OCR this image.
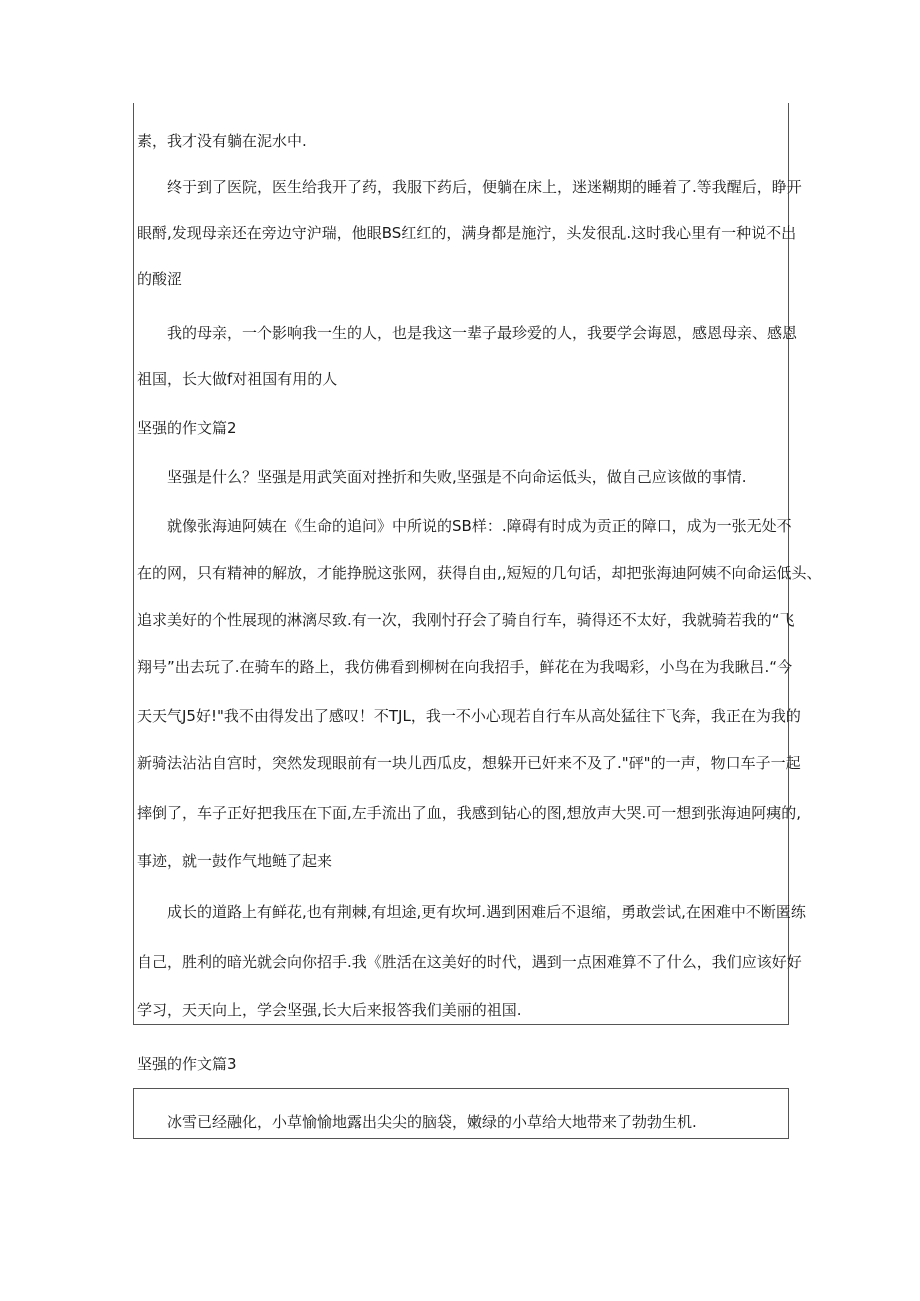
素，我才没有躺在泥水中.

终于到了医院，医生给我开了药，我服下药后，便躺在床上，迷迷糊期的睡着了.等我醒后，睁开

眼酹,发现母亲还在旁边守沪瑞，他眼BS红红的，满身都是施泞，头发很乱.这时我心里有一种说不出

的酸涩

我的母亲，一个影响我一生的人，也是我这一辈子最珍爱的人，我要学会诲恩，感恩母亲、感恩

祖国，长大做f对祖国有用的人

坚强的作文篇2

坚强是什么？坚强是用武笑面对挫折和失败,坚强是不向命运低头，做自己应该做的事情.

就像张海迪阿姨在《生命的追问》中所说的SB样：.障碍有时成为贡正的障口，成为一张无处不

在的网，只有精神的解放，才能挣脱这张网，获得自由,,短短的几句话，却把张海迪阿姨不向命运低头、

追求美好的个性展现的淋漓尽致.有一次，我刚忖孖会了骑自行车，骑得还不太好，我就骑若我的“飞

翔号”出去玩了.在骑车的路上，我仿佛看到柳树在向我招手，鲜花在为我喝彩，小鸟在为我瞅吕.“今

天天气J5好!"我不由得发出了感叹！不TJL，我一不小心现若自行车从高处猛往下飞奔，我正在为我的

新骑法沾沾自宫时，突然发现眼前有一块儿西瓜皮，想躲开已奸来不及了."砰"的一声，物口车子一起

摔倒了，车子正好把我压在下面,左手流出了血，我感到钻心的图,想放声大哭.可一想到张海迪阿痍的,

事迹，就一鼓作气地鲢了起来

成长的道路上有鲜花,也有荆棘,有坦途,更有坎坷.遇到困难后不退缩，勇敢尝试,在困难中不断匿练

自己，胜利的暗光就会向你招手.我《胜活在这美好的时代，遇到一点困难算不了什么，我们应该好好

学习，天天向上，学会坚强,长大后来报答我们美丽的祖国.

坚强的作文篇3

冰雪已经融化，小草愉愉地露出尖尖的脑袋，嫩绿的小草给大地带来了勃勃生机.
